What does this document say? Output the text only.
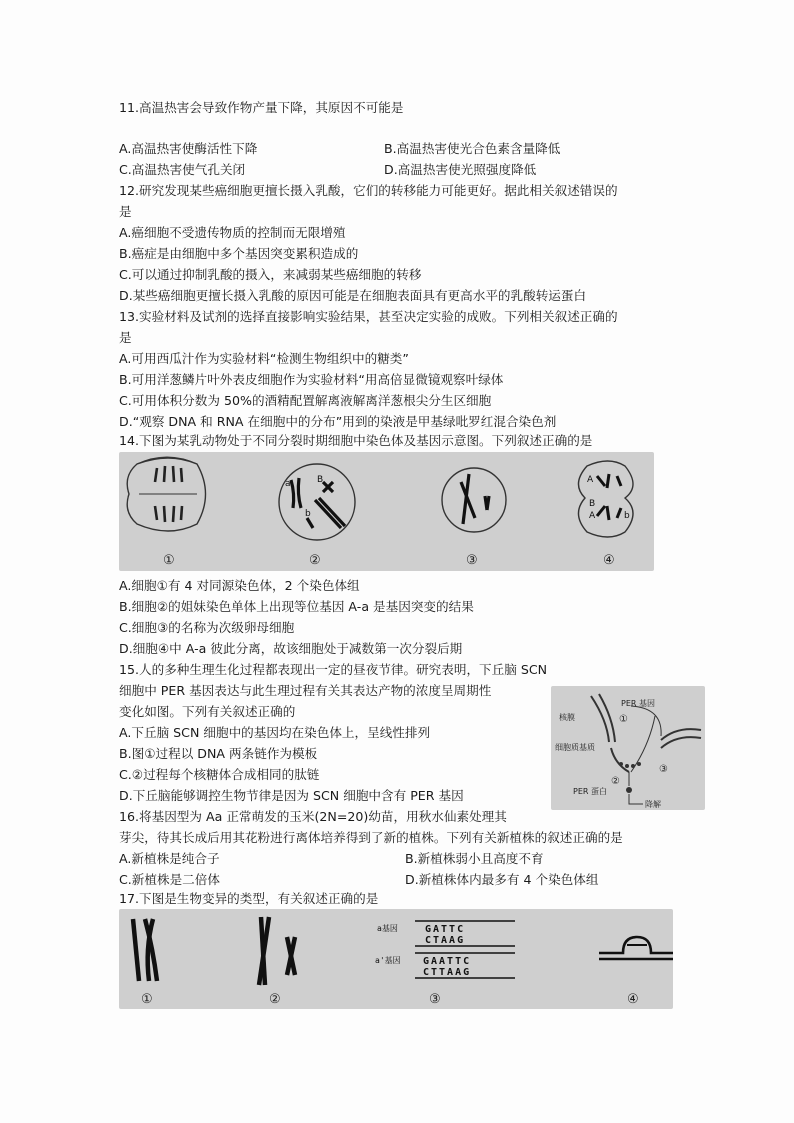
11.高温热害会导致作物产量下降，其原因不可能是
A.高温热害使酶活性下降	B.高温热害使光合色素含量降低
C.高温热害使气孔关闭	D.高温热害使光照强度降低
12.研究发现某些癌细胞更擅长摄入乳酸，它们的转移能力可能更好。据此相关叙述错误的
是
A.癌细胞不受遗传物质的控制而无限增殖
B.癌症是由细胞中多个基因突变累积造成的
C.可以通过抑制乳酸的摄入，来减弱某些癌细胞的转移
D.某些癌细胞更擅长摄入乳酸的原因可能是在细胞表面具有更高水平的乳酸转运蛋白
13.实验材料及试剂的选择直接影响实验结果，甚至决定实验的成败。下列相关叙述正确的
是
A.可用西瓜汁作为实验材料“检测生物组织中的糖类”
B.可用洋葱鳞片叶外表皮细胞作为实验材料“用高倍显微镜观察叶绿体
C.可用体积分数为 50%的酒精配置解离液解离洋葱根尖分生区细胞
D.“观察 DNA 和 RNA 在细胞中的分布”用到的染液是甲基绿吡罗红混合染色剂
14.下图为某乳动物处于不同分裂时期细胞中染色体及基因示意图。下列叙述正确的是
①
a	B
b
②	③
A
B
A	b
④
A.细胞①有 4 对同源染色体，2 个染色体组
B.细胞②的姐妹染色单体上出现等位基因 A-a 是基因突变的结果
C.细胞③的名称为次级卵母细胞
D.细胞④中 A-a 彼此分离，故该细胞处于减数第一次分裂后期
15.人的多种生理生化过程都表现出一定的昼夜节律。研究表明，下丘脑 SCN
细胞中 PER 基因表达与此生理过程有关其表达产物的浓度呈周期性
变化如图。下列有关叙述正确的
A.下丘脑 SCN 细胞中的基因均在染色体上，呈线性排列
B.图①过程以 DNA 两条链作为模板
C.②过程每个核糖体合成相同的肽链
D.下丘脑能够调控生物节律是因为 SCN 细胞中含有 PER 基因
PER 基因
核膜	①
细胞质基质
②
③
PER 蛋白
降解
16.将基因型为 Aa 正常萌发的玉米(2N=20)幼苗，用秋水仙素处理其
芽尖，待其长成后用其花粉进行离体培养得到了新的植株。下列有关新植株的叙述正确的是
A.新植株是纯合子	B.新植株弱小且高度不育
C.新植株是二倍体	D.新植株体内最多有 4 个染色体组
17.下图是生物变异的类型，有关叙述正确的是
①	②
a基因	GATTC
CTAAG
a'基因 GAATTC
CTTAAG
③	④
